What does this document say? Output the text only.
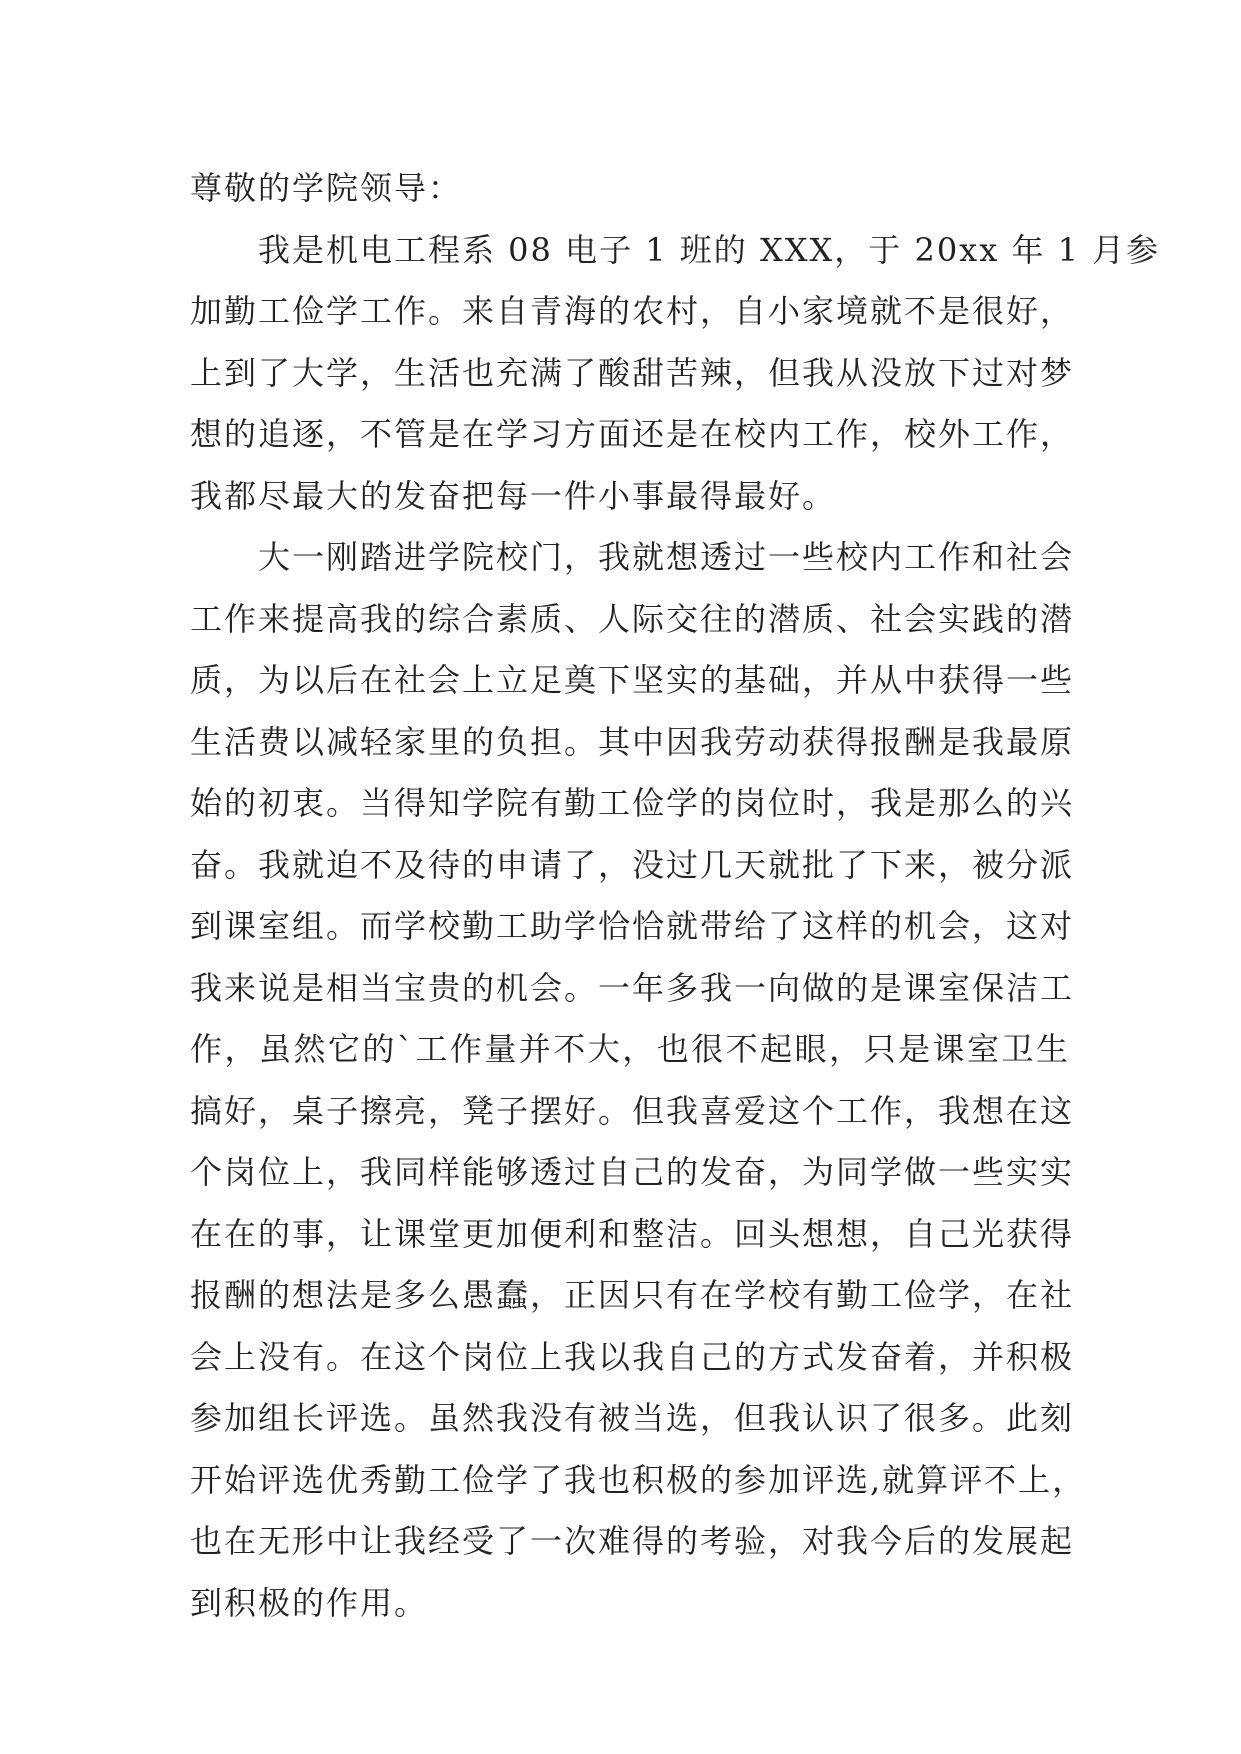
尊敬的学院领导：
　　我是机电工程系 08 电子 1 班的 XXX，于 20xx 年 1 月参
加勤工俭学工作。来自青海的农村，自小家境就不是很好，
上到了大学，生活也充满了酸甜苦辣，但我从没放下过对梦
想的追逐，不管是在学习方面还是在校内工作，校外工作，
我都尽最大的发奋把每一件小事最得最好。
　　大一刚踏进学院校门，我就想透过一些校内工作和社会
工作来提高我的综合素质、人际交往的潜质、社会实践的潜
质，为以后在社会上立足奠下坚实的基础，并从中获得一些
生活费以减轻家里的负担。其中因我劳动获得报酬是我最原
始的初衷。当得知学院有勤工俭学的岗位时，我是那么的兴
奋。我就迫不及待的申请了，没过几天就批了下来，被分派
到课室组。而学校勤工助学恰恰就带给了这样的机会，这对
我来说是相当宝贵的机会。一年多我一向做的是课室保洁工
作，虽然它的`工作量并不大，也很不起眼，只是课室卫生
搞好，桌子擦亮，凳子摆好。但我喜爱这个工作，我想在这
个岗位上，我同样能够透过自己的发奋，为同学做一些实实
在在的事，让课堂更加便利和整洁。回头想想，自己光获得
报酬的想法是多么愚蠢，正因只有在学校有勤工俭学，在社
会上没有。在这个岗位上我以我自己的方式发奋着，并积极
参加组长评选。虽然我没有被当选，但我认识了很多。此刻
开始评选优秀勤工俭学了我也积极的参加评选,就算评不上，
也在无形中让我经受了一次难得的考验，对我今后的发展起
到积极的作用。
